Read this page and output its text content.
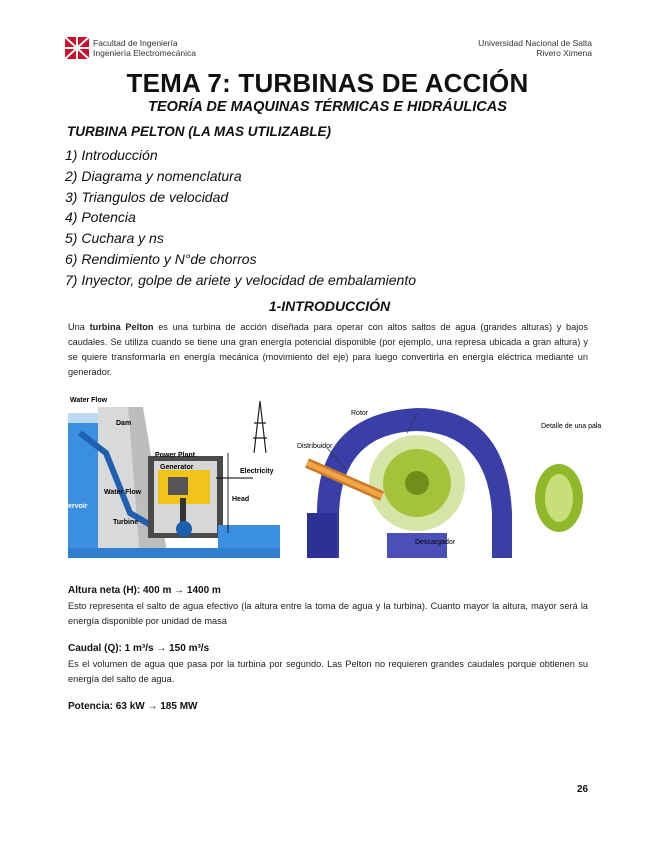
Facultad de Ingeniería
Ingeniería Electromecánica
Universidad Nacional de Salta
Rivero Ximena
TEMA 7: TURBINAS DE ACCIÓN
TEORÍA DE MAQUINAS TÉRMICAS E HIDRÁULICAS
TURBINA PELTON (LA MAS UTILIZABLE)
1) Introducción
2) Diagrama y nomenclatura
3) Triangulos de velocidad
4) Potencia
5) Cuchara y ns
6) Rendimiento y N°de chorros
7) Inyector, golpe de ariete y velocidad de embalamiento
1-INTRODUCCIÓN

Una turbina Pelton es una turbina de acción diseñada para operar con altos saltos de agua (grandes alturas) y bajos caudales. Se utiliza cuando se tiene una gran energía potencial disponible (por ejemplo, una represa ubicada a gran altura) y se quiere transformarla en energía mecánica (movimiento del eje) para luego convertirla en energía eléctrica mediante un generador.

Water Flow
Dam
Power Plant
Generator
Electricity
Head
Water Flow
ervoir
Turbine
Rotor
Distribuidor
Detalle de una pala
Descargador
Altura neta (H): 400 m → 1400 m

Esto representa el salto de agua efectivo (la altura entre la toma de agua y la turbina). Cuanto mayor la altura, mayor será la energía disponible por unidad de masa

Caudal (Q): 1 m³/s → 150 m³/s

Es el volumen de agua que pasa por la turbina por segundo. Las Pelton no requieren grandes caudales porque obtienen su energía del salto de agua.

Potencia: 63 kW → 185 MW
26
